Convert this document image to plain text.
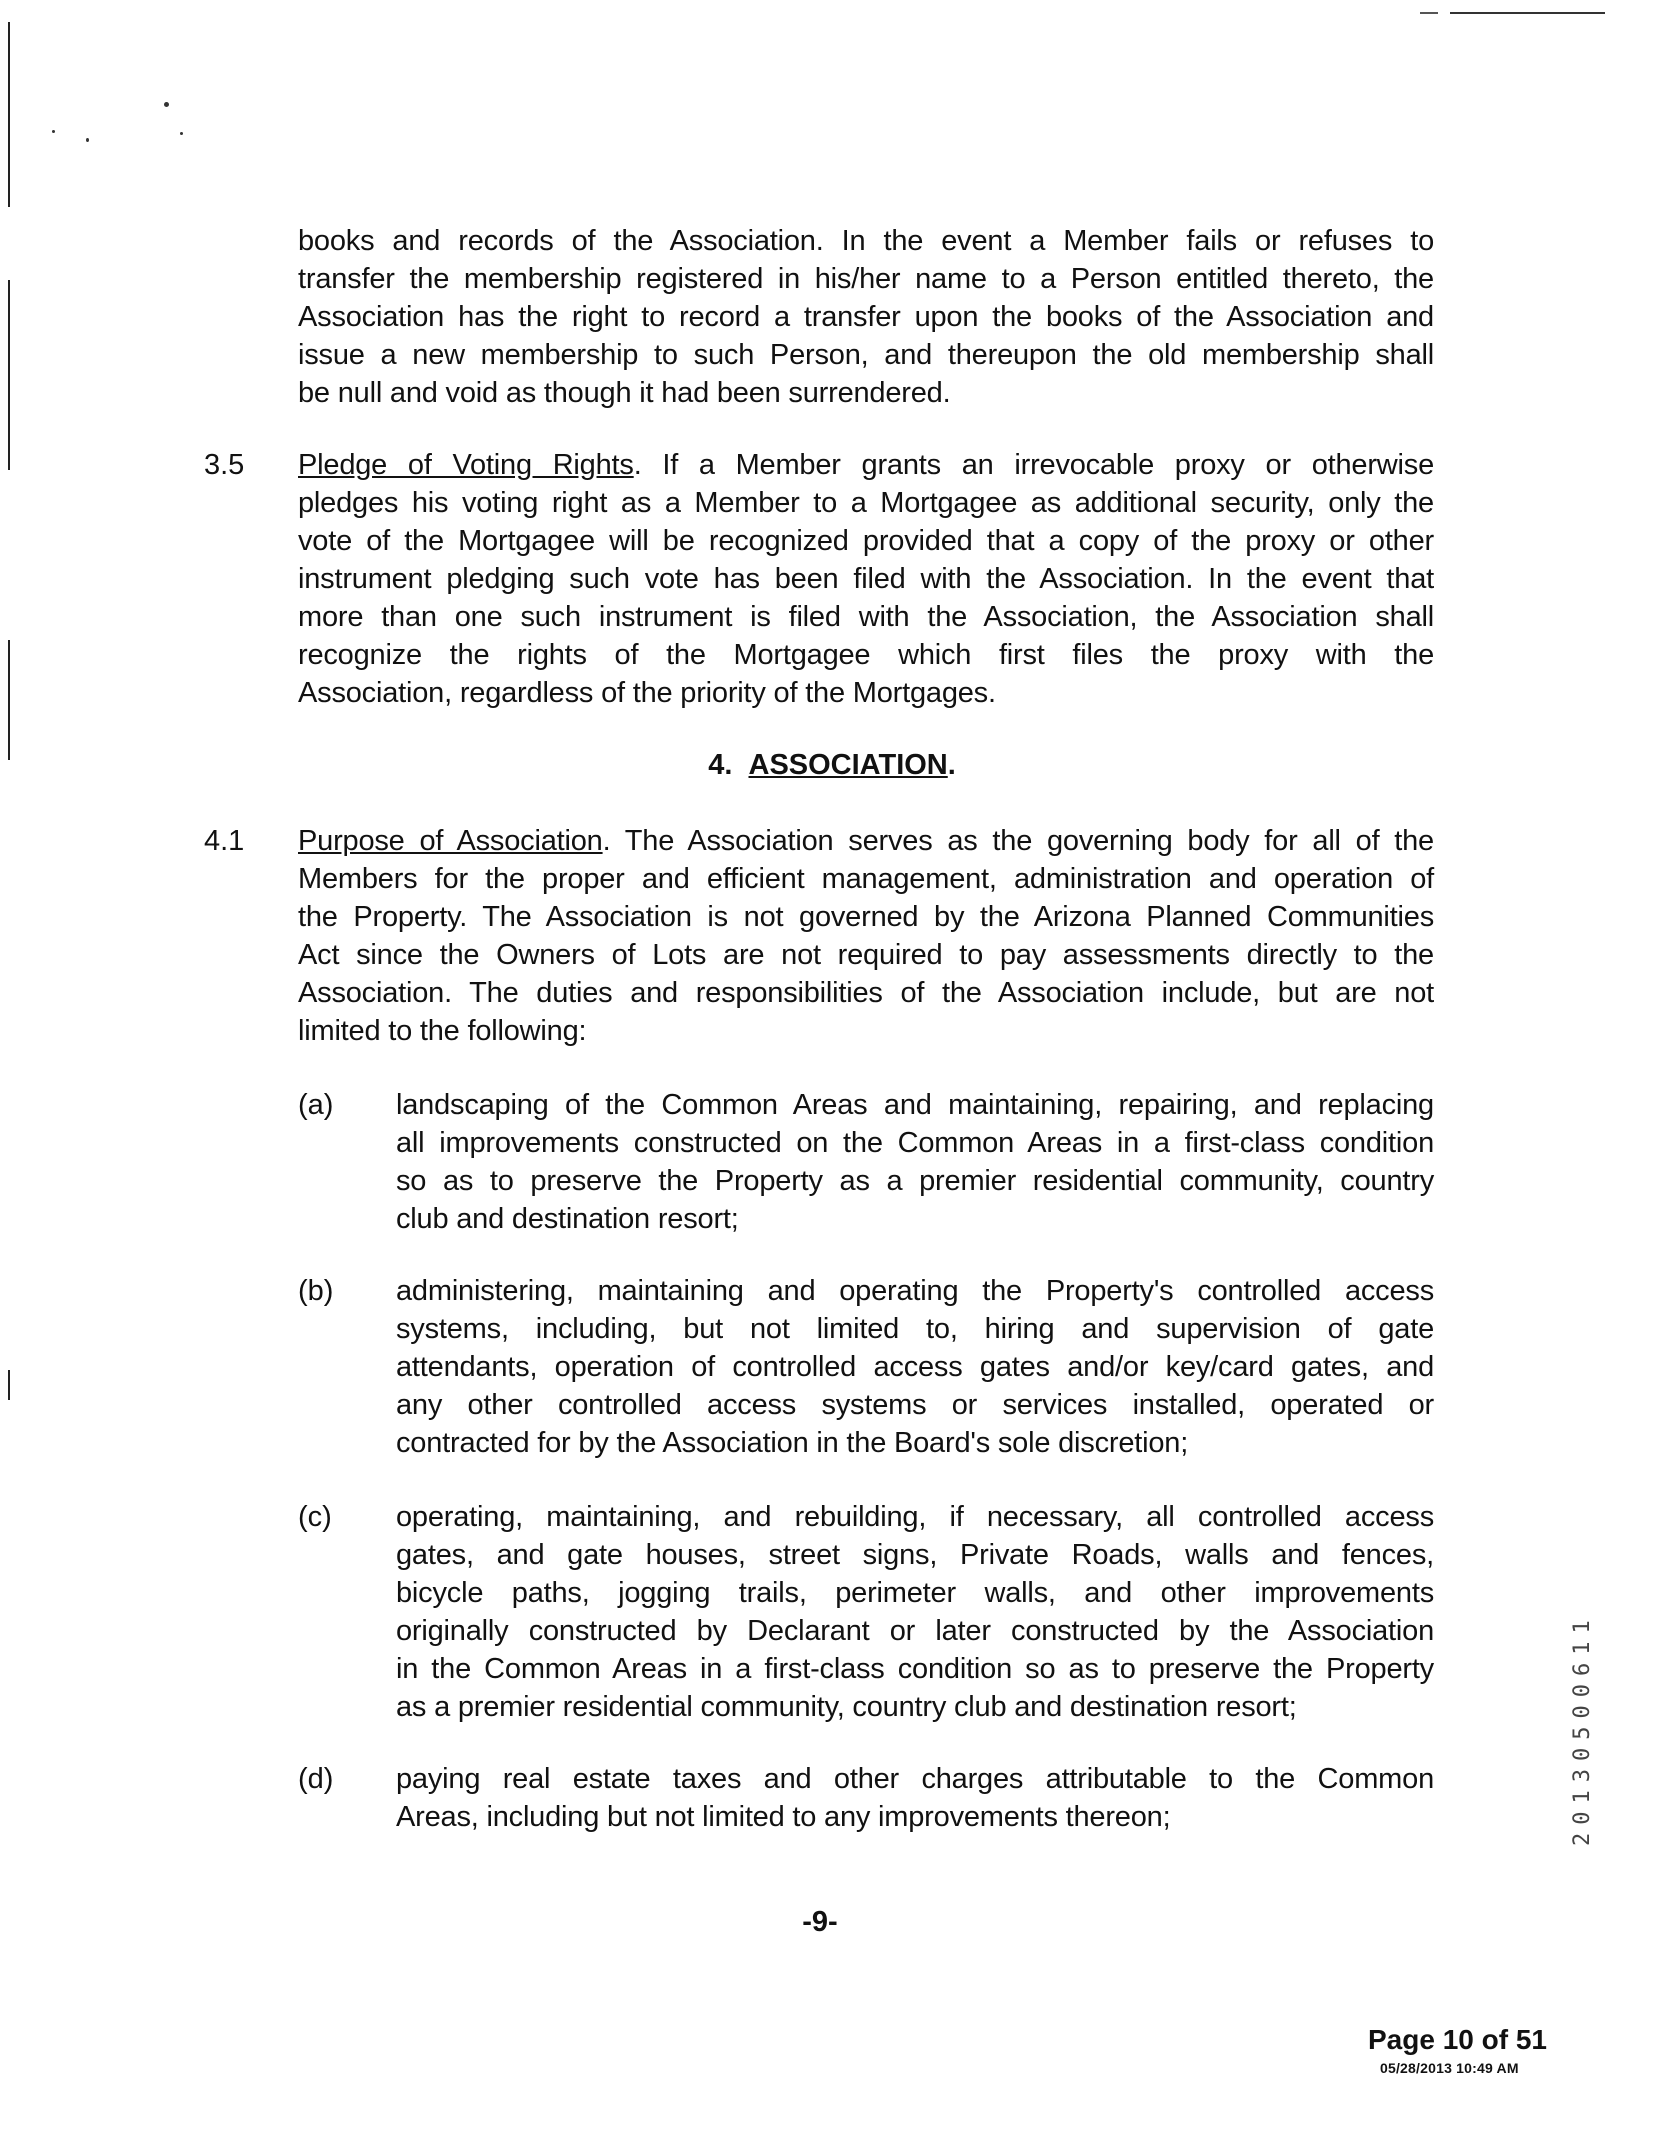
books and records of the Association. In the event a Member fails or refuses to
transfer the membership registered in his/her name to a Person entitled thereto, the
Association has the right to record a transfer upon the books of the Association and
issue a new membership to such Person, and thereupon the old membership shall
be null and void as though it had been surrendered.
3.5 Pledge of Voting Rights. If a Member grants an irrevocable proxy or otherwise
pledges his voting right as a Member to a Mortgagee as additional security, only the
vote of the Mortgagee will be recognized provided that a copy of the proxy or other
instrument pledging such vote has been filed with the Association. In the event that
more than one such instrument is filed with the Association, the Association shall
recognize the rights of the Mortgagee which first files the proxy with the
Association, regardless of the priority of the Mortgages.
4. ASSOCIATION.
4.1 Purpose of Association. The Association serves as the governing body for all of the
Members for the proper and efficient management, administration and operation of
the Property. The Association is not governed by the Arizona Planned Communities
Act since the Owners of Lots are not required to pay assessments directly to the
Association. The duties and responsibilities of the Association include, but are not
limited to the following:
(a) landscaping of the Common Areas and maintaining, repairing, and replacing
all improvements constructed on the Common Areas in a first-class condition
so as to preserve the Property as a premier residential community, country
club and destination resort;
(b) administering, maintaining and operating the Property's controlled access
systems, including, but not limited to, hiring and supervision of gate
attendants, operation of controlled access gates and/or key/card gates, and
any other controlled access systems or services installed, operated or
contracted for by the Association in the Board's sole discretion;
(c) operating, maintaining, and rebuilding, if necessary, all controlled access
gates, and gate houses, street signs, Private Roads, walls and fences,
bicycle paths, jogging trails, perimeter walls, and other improvements
originally constructed by Declarant or later constructed by the Association
in the Common Areas in a first-class condition so as to preserve the Property
as a premier residential community, country club and destination resort;
(d) paying real estate taxes and other charges attributable to the Common
Areas, including but not limited to any improvements thereon;
-9-
20130500611
Page 10 of 51
05/28/2013 10:49 AM
